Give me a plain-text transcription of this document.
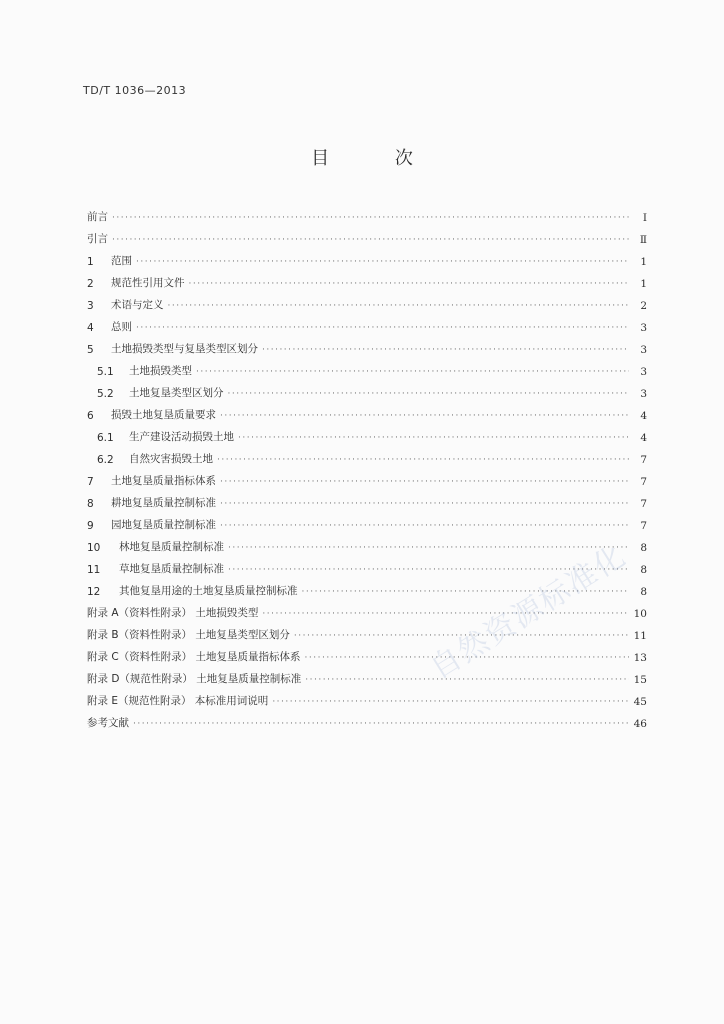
TD/T 1036—2013
目 次
前言 ·····	I
引言 ·····	Ⅱ
1	范围 ·····	1
2	规范性引用文件 ·····	1
3	术语与定义 ·····	2
4	总则 ·····	3
5	土地损毁类型与复垦类型区划分 ·····	3
5.1	土地损毁类型 ·····	3
5.2	土地复垦类型区划分 ·····	3
6	损毁土地复垦质量要求 ·····	4
6.1	生产建设活动损毁土地 ·····	4
6.2	自然灾害损毁土地 ·····	7
7	土地复垦质量指标体系 ·····	7
8	耕地复垦质量控制标准 ·····	7
9	园地复垦质量控制标准 ·····	7
10	林地复垦质量控制标准 ·····	8
11	草地复垦质量控制标准 ·····	8
12	其他复垦用途的土地复垦质量控制标准 ·····	8
附录 A（资料性附录） 土地损毁类型 ·····	10
附录 B（资料性附录） 土地复垦类型区划分 ·····	11
附录 C（资料性附录） 土地复垦质量指标体系 ·····	13
附录 D（规范性附录） 土地复垦质量控制标准 ·····	15
附录 E（规范性附录） 本标准用词说明 ·····	45
参考文献 ·····	46
自然资源标准化
